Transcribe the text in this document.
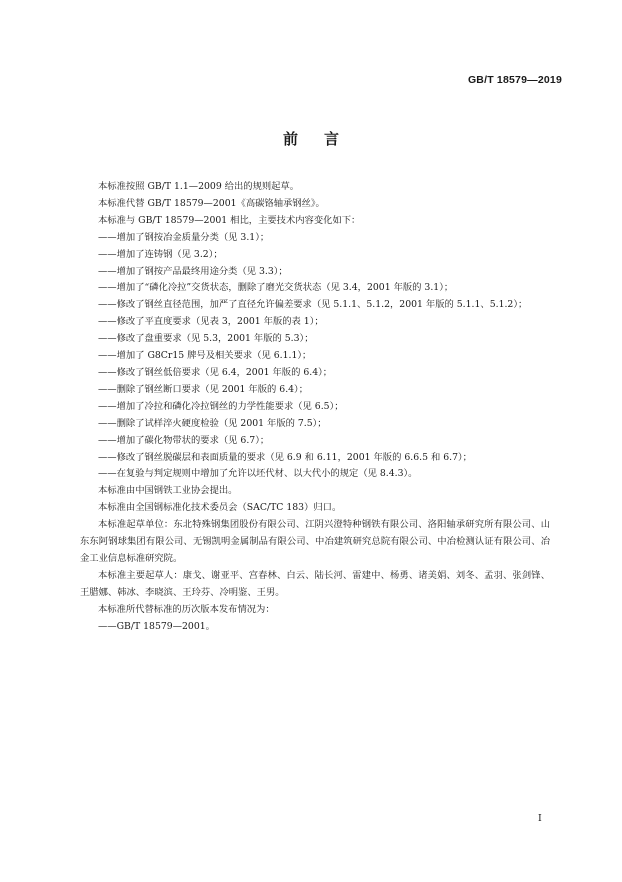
GB/T 18579—2019
前言

本标准按照 GB/T 1.1—2009 给出的规则起草。

本标准代替 GB/T 18579—2001《高碳铬轴承钢丝》。

本标准与 GB/T 18579—2001 相比，主要技术内容变化如下：

——增加了钢按冶金质量分类（见 3.1）；

——增加了连铸钢（见 3.2）；

——增加了钢按产品最终用途分类（见 3.3）；

——增加了“磷化冷拉”交货状态，删除了磨光交货状态（见 3.4，2001 年版的 3.1）；

——修改了钢丝直径范围，加严了直径允许偏差要求（见 5.1.1、5.1.2，2001 年版的 5.1.1、5.1.2）；

——修改了平直度要求（见表 3，2001 年版的表 1）；

——修改了盘重要求（见 5.3，2001 年版的 5.3）；

——增加了 G8Cr15 牌号及相关要求（见 6.1.1）；

——修改了钢丝低倍要求（见 6.4，2001 年版的 6.4）；

——删除了钢丝断口要求（见 2001 年版的 6.4）；

——增加了冷拉和磷化冷拉钢丝的力学性能要求（见 6.5）；

——删除了试样淬火硬度检验（见 2001 年版的 7.5）；

——增加了碳化物带状的要求（见 6.7）；

——修改了钢丝脱碳层和表面质量的要求（见 6.9 和 6.11，2001 年版的 6.6.5 和 6.7）；

——在复验与判定规则中增加了允许以坯代材、以大代小的规定（见 8.4.3）。

本标准由中国钢铁工业协会提出。

本标准由全国钢标准化技术委员会（SAC/TC 183）归口。

本标准起草单位：东北特殊钢集团股份有限公司、江阴兴澄特种钢铁有限公司、洛阳轴承研究所有限公司、山东东阿钢球集团有限公司、无锡凯明金属制品有限公司、中冶建筑研究总院有限公司、中冶检测认证有限公司、冶金工业信息标准研究院。

本标准主要起草人：康戈、谢亚平、宫春林、白云、陆长河、雷建中、杨勇、诸美娟、刘冬、孟羽、张剑锋、王腊娜、韩冰、李晓滨、王玲芬、冷明鉴、王男。

本标准所代替标准的历次版本发布情况为：

——GB/T 18579—2001。

I
